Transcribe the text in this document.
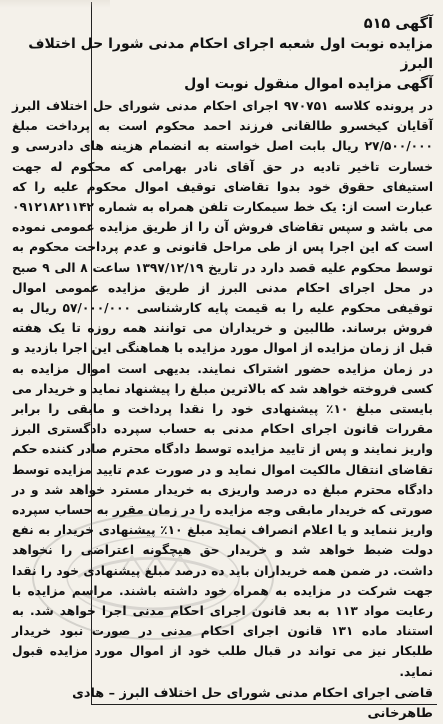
آگهی ۵۱۵
مزایده نوبت اول شعبه اجرای احکام مدنی شورا حل اختلاف البرز
آگهی مزایده اموال منقول نوبت اول

در پرونده کلاسه ۹۷۰۷۵۱ اجرای احکام مدنی شورای حل اختلاف البرز آقایان کیخسرو طالقانی فرزند احمد محکوم است به پرداخت مبلغ ۲۷/۵۰۰/۰۰۰ ریال بابت اصل خواسته به انضمام هزینه های دادرسی و خسارت تاخیر تادیه در حق آقای نادر بهرامی که محکوم له جهت استیفای حقوق خود بدوا تقاضای توقیف اموال محکوم علیه را که عبارت است از: یک خط سیمکارت تلفن همراه به شماره ۰۹۱۲۱۸۲۱۱۴۲ می باشد و سپس تقاضای فروش آن را از طریق مزایده عمومی نموده است که این اجرا پس از طی مراحل قانونی و عدم پرداخت محکوم به توسط محکوم علیه قصد دارد در تاریخ ۱۳۹۷/۱۲/۱۹ ساعت ۸ الی ۹ صبح در محل اجرای احکام مدنی البرز از طریق مزایده عمومی اموال توقیفی محکوم علیه را به قیمت پایه کارشناسی ۵۷/۰۰۰/۰۰۰ ریال به فروش برساند. طالبین و خریداران می توانند همه روزه تا یک هفته قبل از زمان مزایده از اموال مورد مزایده با هماهنگی این اجرا بازدید و در زمان مزایده حضور اشتراک نمایند. بدیهی است اموال مزایده به کسی فروخته خواهد شد که بالاترین مبلغ را پیشنهاد نماید و خریدار می بایستی مبلغ ۱۰٪ پیشنهادی خود را نقدا پرداخت و مابقی را برابر مقررات قانون اجرای احکام مدنی به حساب سپرده دادگستری البرز واریز نمایند و پس از تایید مزایده توسط دادگاه محترم صادر کننده حکم تقاضای انتقال مالکیت اموال نماید و در صورت عدم تایید مزایده توسط دادگاه محترم مبلغ ده درصد واریزی به خریدار مسترد خواهد شد و در صورتی که خریدار مابقی وجه مزایده را در زمان مقرر به حساب سپرده واریز ننماید و یا اعلام انصراف نماید مبلغ ۱۰٪ پیشنهادی خریدار به نفع دولت ضبط خواهد شد و خریدار حق هیچگونه اعتراضی را نخواهد داشت. در ضمن همه خریداران باید ده درصد مبلغ پیشنهادی خود را نقدا جهت شرکت در مزایده به همراه خود داشته باشند. مراسم مزایده با رعایت مواد ۱۱۳ به بعد قانون اجرای احکام مدنی اجرا خواهد شد. به استناد ماده ۱۳۱ قانون اجرای احکام مدنی در صورت نبود خریدار طلبکار نیز می تواند در قبال طلب خود از اموال مورد مزایده قبول نماید.

قاضی اجرای احکام مدنی شورای حل اختلاف البرز – هادی طاهرخانی
